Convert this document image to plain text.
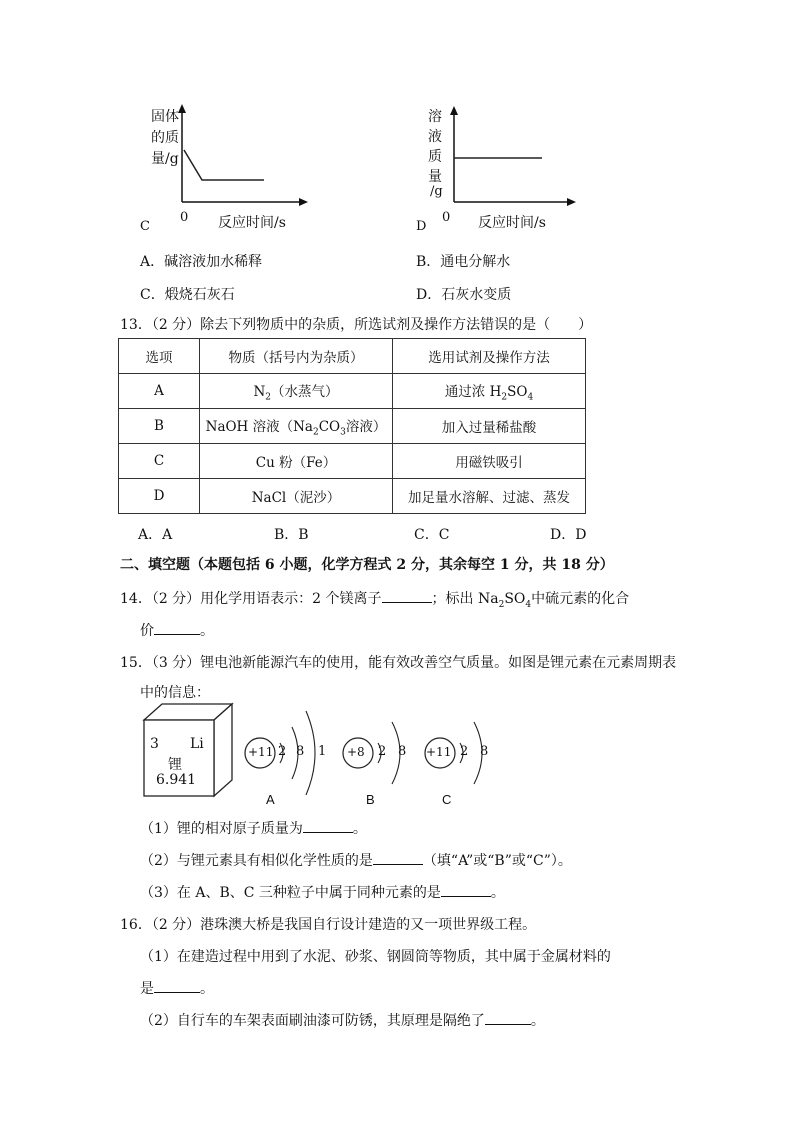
固体
的质
量/g
0 反应时间/s
C
溶
液
质
量
/g
0 反应时间/s
D
A．碱溶液加水稀释	B．通电分解水
C．煅烧石灰石	D．石灰水变质
13．（2 分）除去下列物质中的杂质，所选试剂及操作方法错误的是（　　）
选项	物质（括号内为杂质）	选用试剂及操作方法
A	$N_2$（水蒸气）	通过浓 $H_2SO_4$
B	NaOH 溶液（$Na_2CO_3$溶液）	加入过量稀盐酸
C	Cu 粉（Fe）	用磁铁吸引
D	NaCl（泥沙）	加足量水溶解、过滤、蒸发
A．A	B．B	C．C	D．D
二、填空题（本题包括 6 小题，化学方程式 2 分，其余每空 1 分，共 18 分）
14．（2 分）用化学用语表示：2 个镁离子	；标出 $Na_2SO_4$中硫元素的化合
价	。
15．（3 分）锂电池新能源汽车的使用，能有效改善空气质量。如图是锂元素在元素周期表
中的信息：
3 Li
锂
6.941
+11 2 8 1
A
+8 2 8
B
+11 2 8
C
（1）锂的相对原子质量为	。
（2）与锂元素具有相似化学性质的是	（填“A”或“B”或“C”）。
（3）在 A、B、C 三种粒子中属于同种元素的是	。
16．（2 分）港珠澳大桥是我国自行设计建造的又一项世界级工程。
（1）在建造过程中用到了水泥、砂浆、钢圆筒等物质，其中属于金属材料的
是	。
（2）自行车的车架表面刷油漆可防锈，其原理是隔绝了	。
